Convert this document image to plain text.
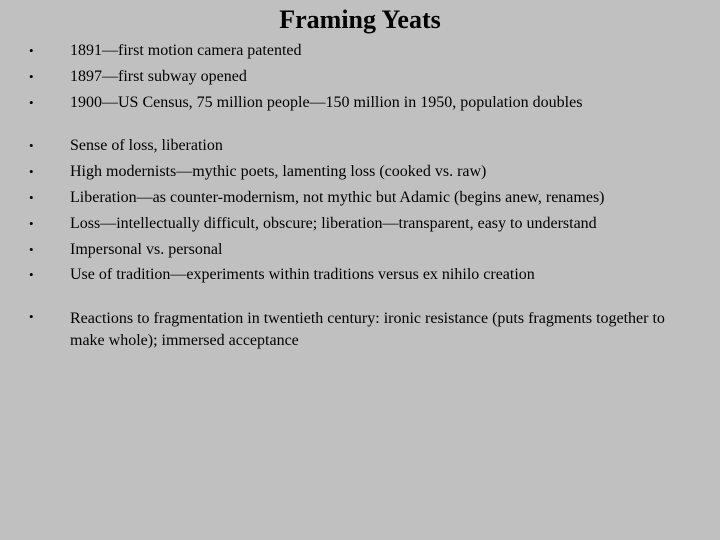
Framing Yeats
• 1891—first motion camera patented
• 1897—first subway opened
• 1900—US Census, 75 million people—150 million in 1950, population doubles
• Sense of loss, liberation
• High modernists—mythic poets, lamenting loss (cooked vs. raw)
• Liberation—as counter-modernism, not mythic but Adamic (begins anew, renames)
• Loss—intellectually difficult, obscure; liberation—transparent, easy to understand
• Impersonal vs. personal
• Use of tradition—experiments within traditions versus ex nihilo creation
• Reactions to fragmentation in twentieth century: ironic resistance (puts fragments together to make whole); immersed acceptance
